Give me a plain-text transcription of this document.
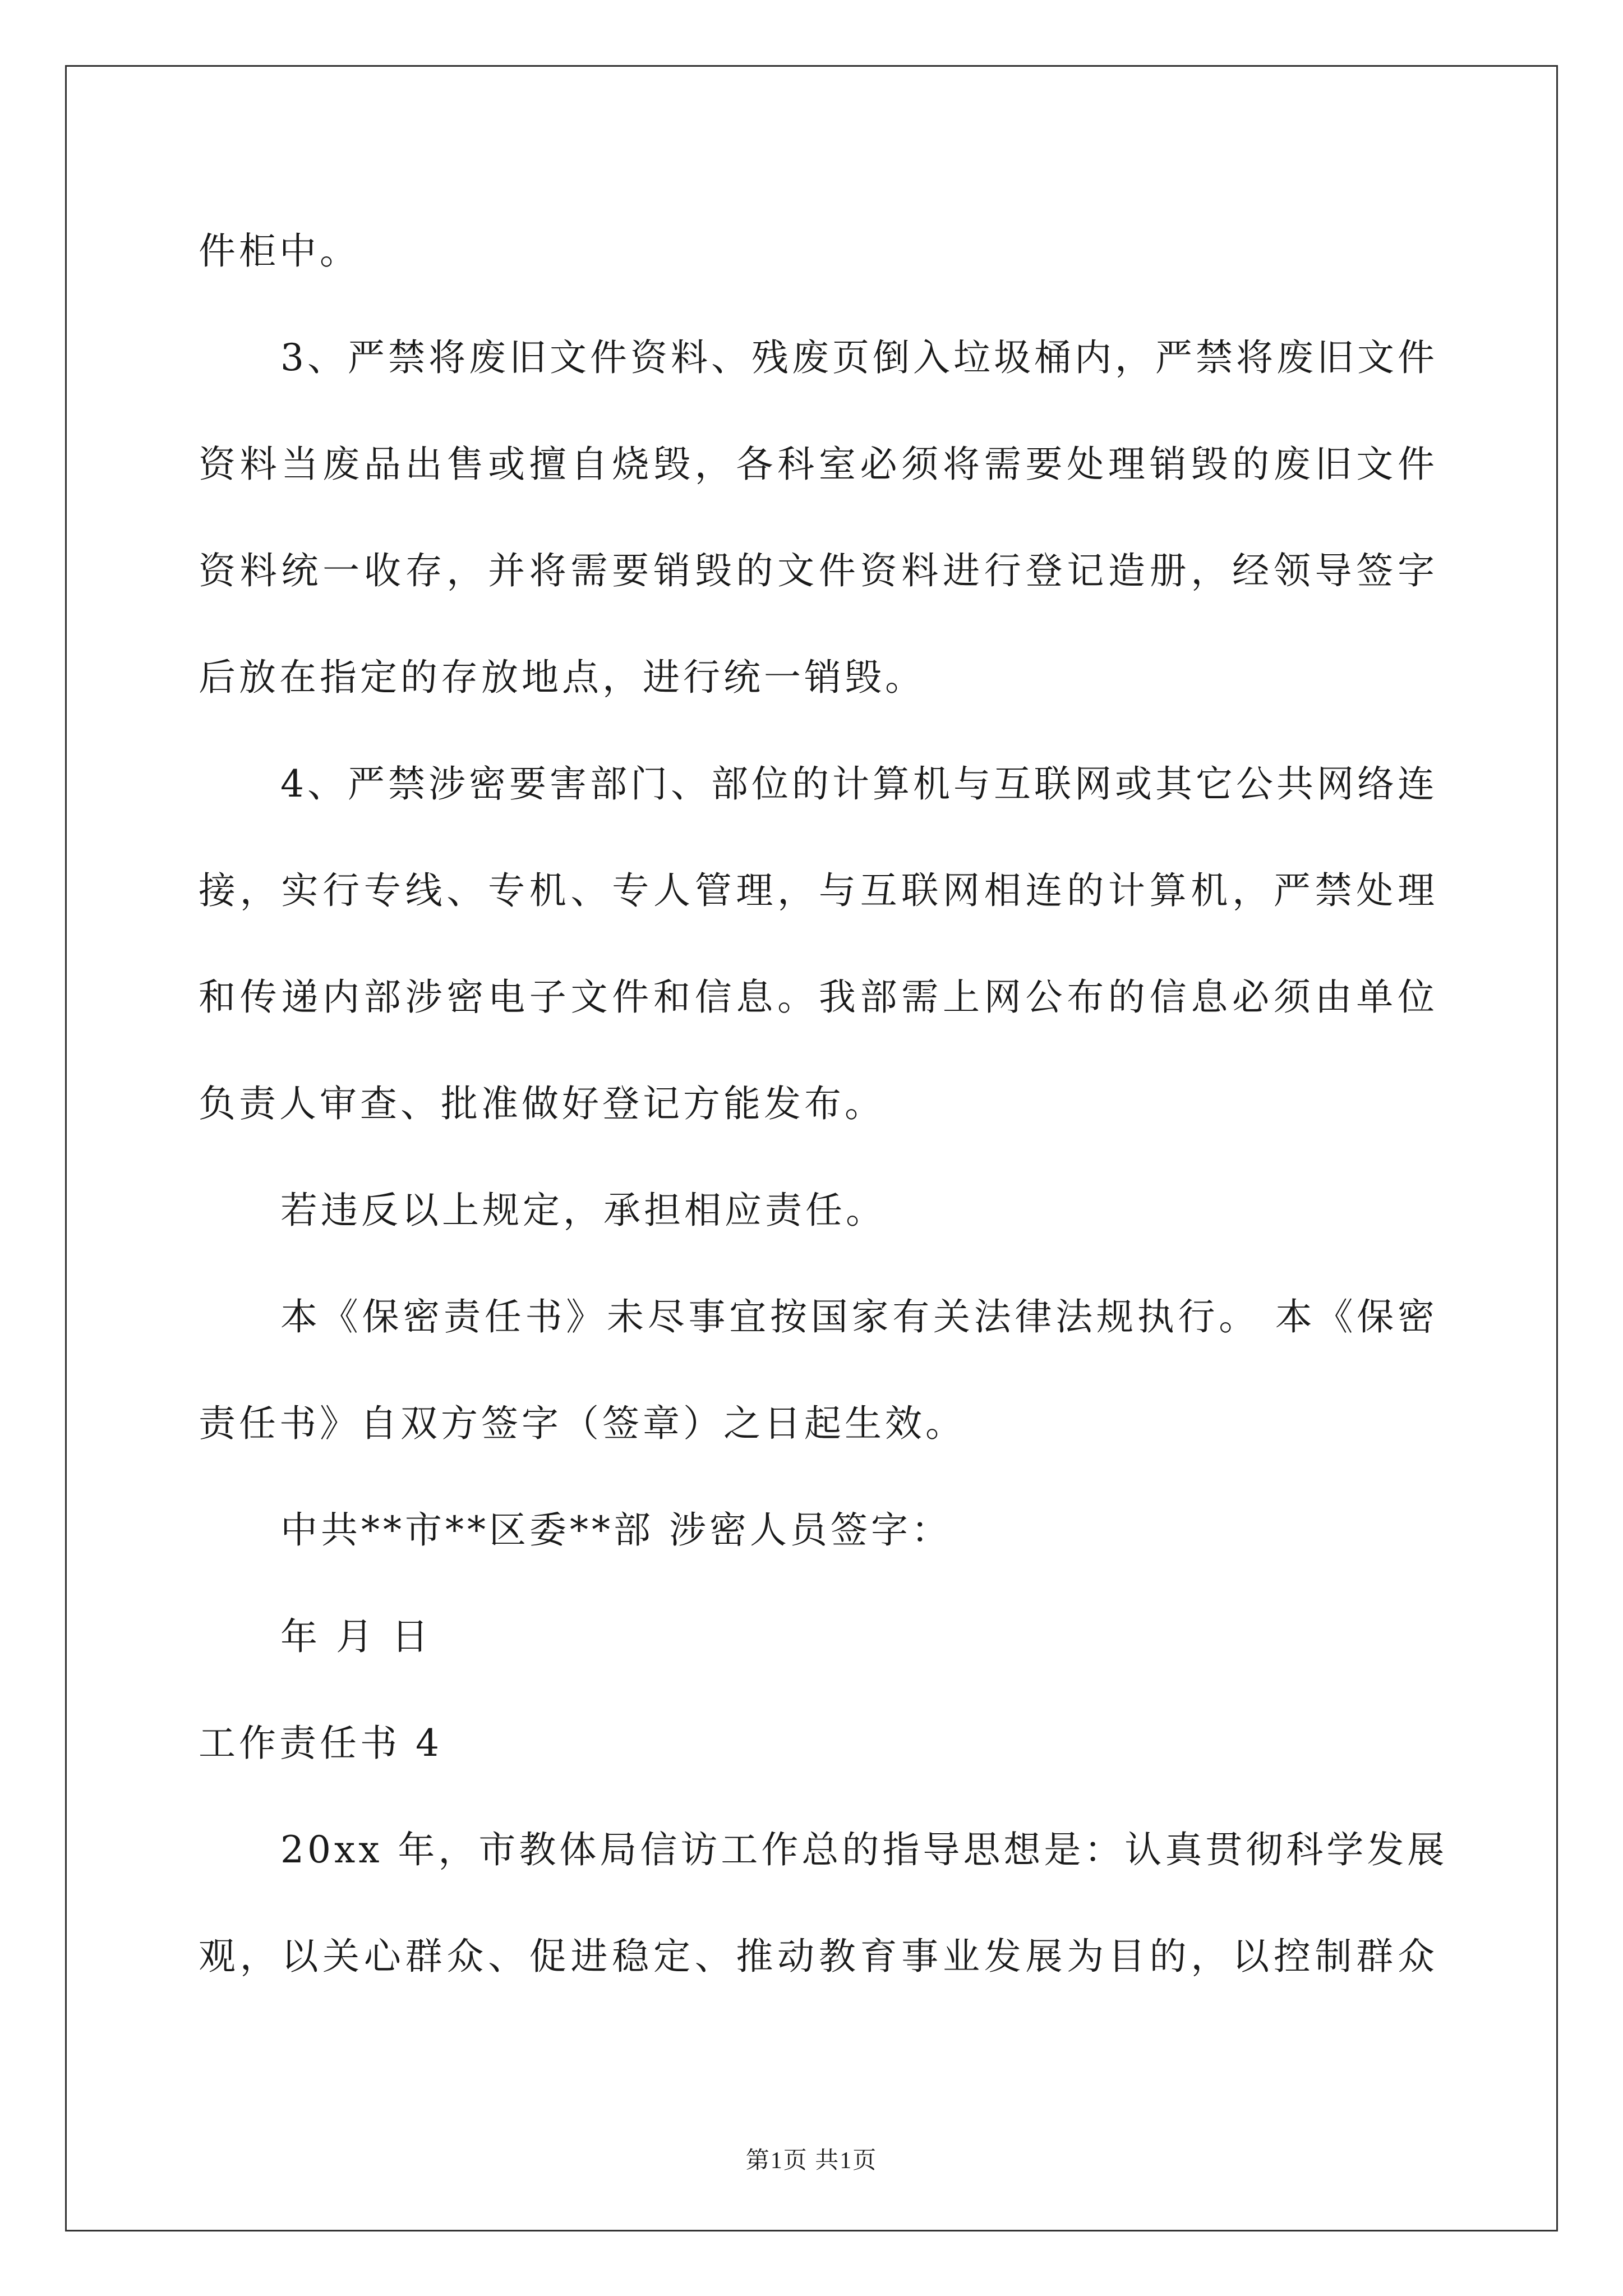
件柜中。
3、严禁将废旧文件资料、残废页倒入垃圾桶内，严禁将废旧文件
资料当废品出售或擅自烧毁，各科室必须将需要处理销毁的废旧文件
资料统一收存，并将需要销毁的文件资料进行登记造册，经领导签字
后放在指定的存放地点，进行统一销毁。
4、严禁涉密要害部门、部位的计算机与互联网或其它公共网络连
接，实行专线、专机、专人管理，与互联网相连的计算机，严禁处理
和传递内部涉密电子文件和信息。我部需上网公布的信息必须由单位
负责人审查、批准做好登记方能发布。
若违反以上规定，承担相应责任。
本《保密责任书》未尽事宜按国家有关法律法规执行。 本《保密
责任书》自双方签字（签章）之日起生效。
中共**市**区委**部 涉密人员签字：
年 月 日
工作责任书 4
20xx 年，市教体局信访工作总的指导思想是：认真贯彻科学发展
观，以关心群众、促进稳定、推动教育事业发展为目的，以控制群众
第1页 共1页
